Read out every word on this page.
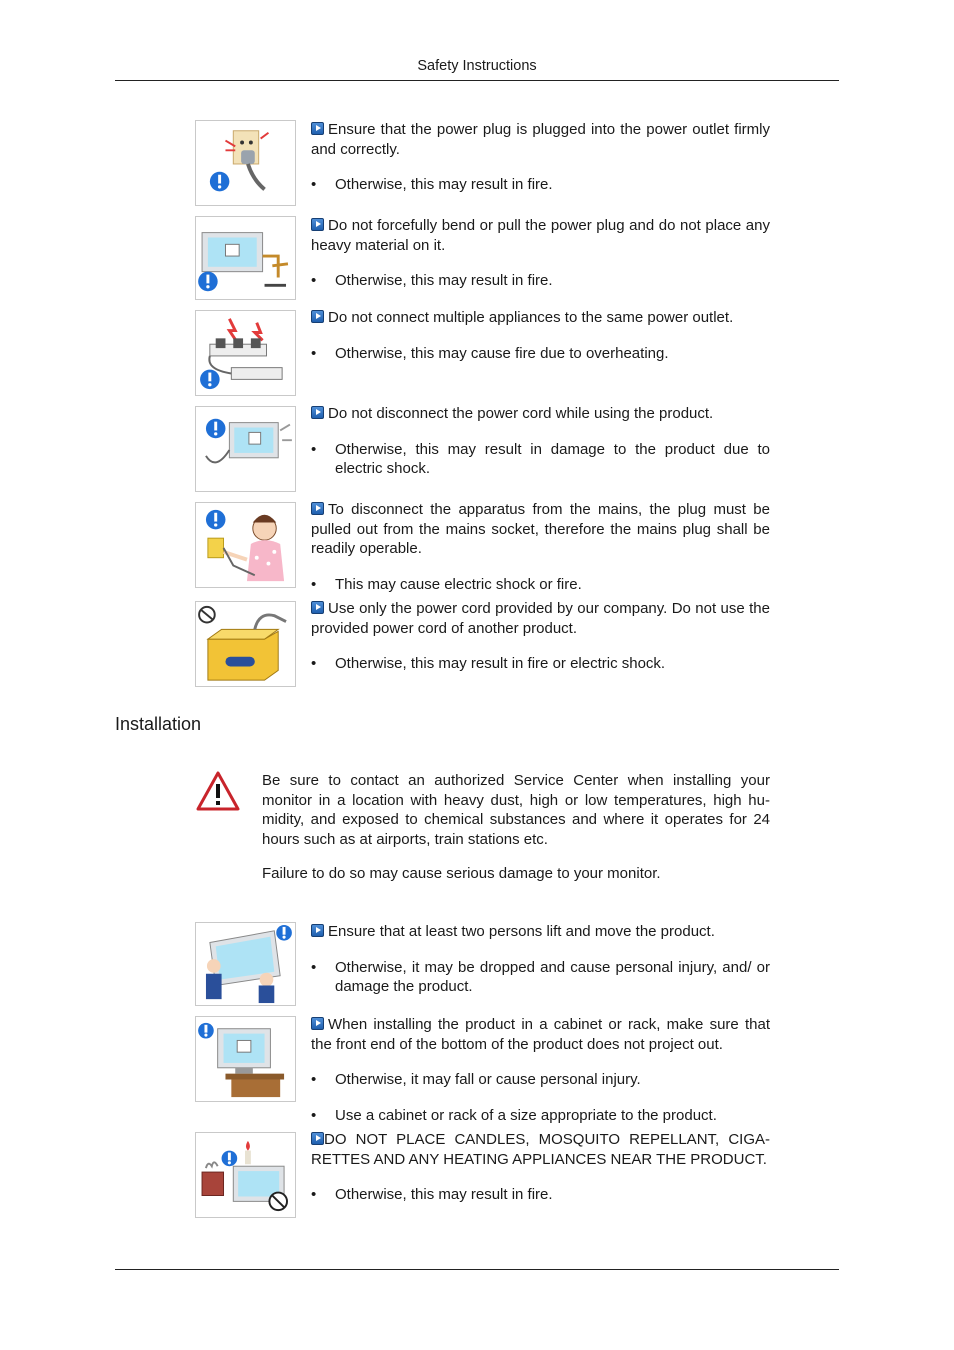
Safety Instructions

Ensure that the power plug is plugged into the power outlet firmly and correctly.

• Otherwise, this may result in fire.

Do not forcefully bend or pull the power plug and do not place any heavy material on it.

• Otherwise, this may result in fire.

Do not connect multiple appliances to the same power outlet.

• Otherwise, this may cause fire due to overheating.

Do not disconnect the power cord while using the product.

• Otherwise, this may result in damage to the product due to electric shock.

To disconnect the apparatus from the mains, the plug must be pulled out from the mains socket, therefore the mains plug shall be readily operable.

• This may cause electric shock or fire.

Use only the power cord provided by our company. Do not use the provided power cord of another product.

• Otherwise, this may result in fire or electric shock.

Installation

Be sure to contact an authorized Service Center when installing your monitor in a location with heavy dust, high or low temperatures, high humidity, and exposed to chemical substances and where it operates for 24 hours such as at airports, train stations etc.

Failure to do so may cause serious damage to your monitor.

Ensure that at least two persons lift and move the product.

• Otherwise, it may be dropped and cause personal injury, and/ or damage the product.

When installing the product in a cabinet or rack, make sure that the front end of the bottom of the product does not project out.

• Otherwise, it may fall or cause personal injury.

• Use a cabinet or rack of a size appropriate to the product.

DO NOT PLACE CANDLES, MOSQUITO REPELLANT, CIGARETTES AND ANY HEATING APPLIANCES NEAR THE PRODUCT.

• Otherwise, this may result in fire.
